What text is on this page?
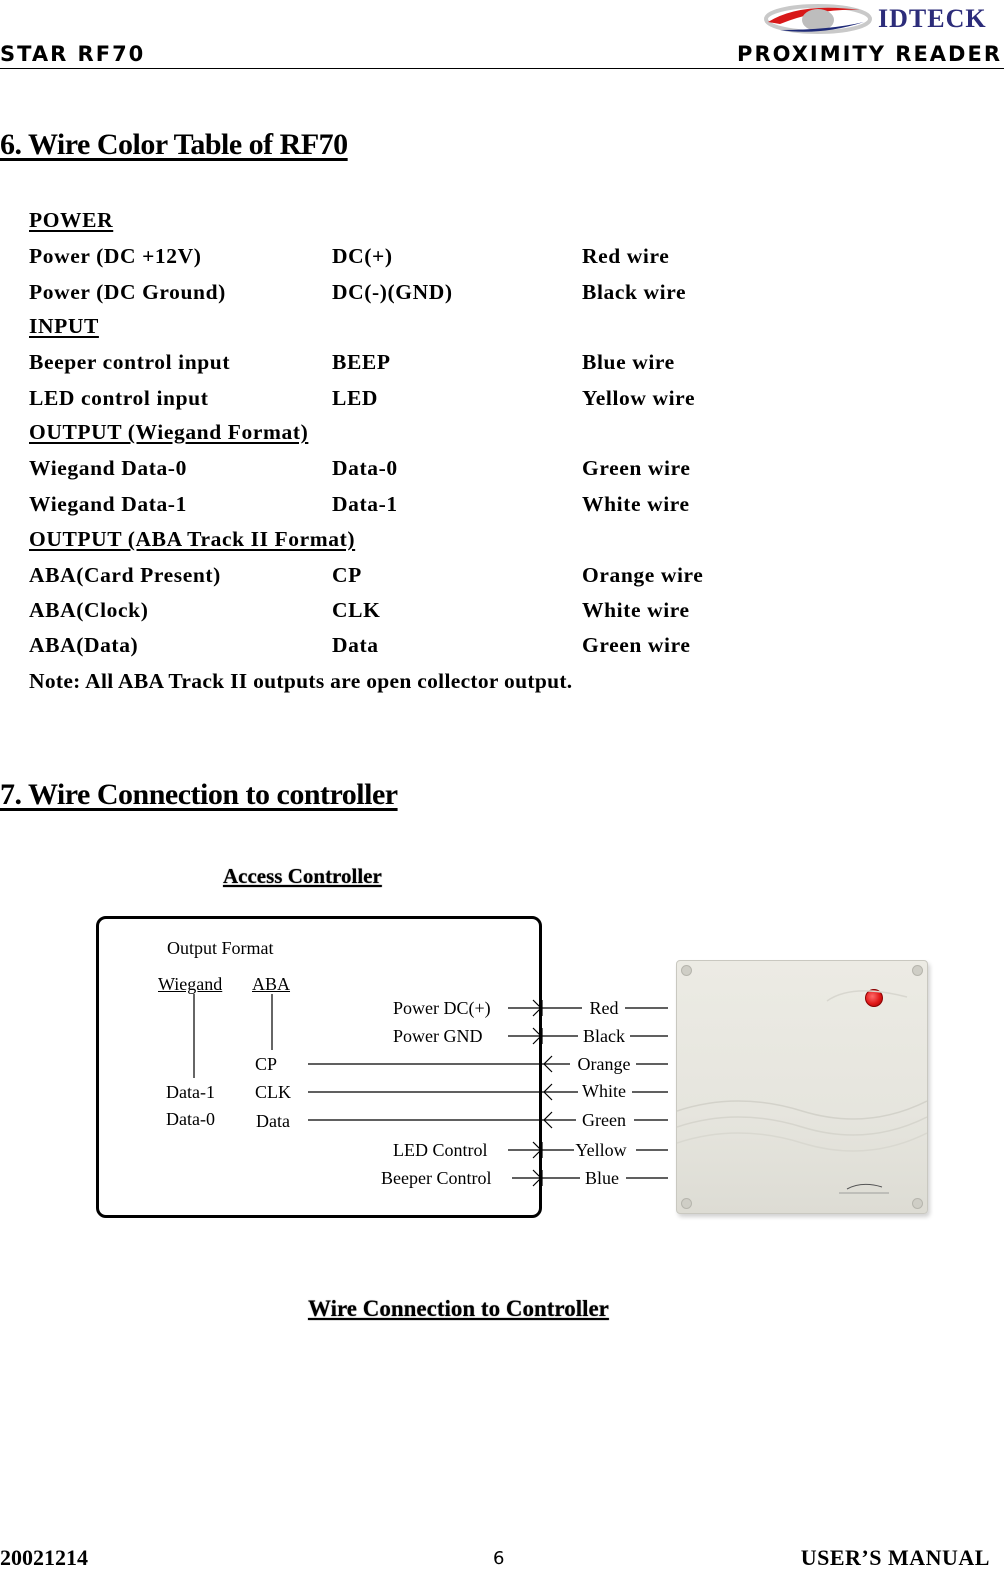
IDTECK
STAR RF70	PROXIMITY READER
6. Wire Color Table of RF70
POWER
Power (DC +12V)	DC(+)	Red wire
Power (DC Ground)	DC(-)(GND)	Black wire
INPUT
Beeper control input	BEEP	Blue wire
LED control input	LED	Yellow wire
OUTPUT (Wiegand Format)
Wiegand Data-0	Data-0	Green wire
Wiegand Data-1	Data-1	White wire
OUTPUT (ABA Track II Format)
ABA(Card Present)	CP	Orange wire
ABA(Clock)	CLK	White wire
ABA(Data)	Data	Green wire
Note: All ABA Track II outputs are open collector output.
7. Wire Connection to controller
Access Controller
Output Format
Wiegand ABA
Data-1
Data-0
CP
CLK
Data
Power DC(+)
Power GND
LED Control
Beeper Control
Red
Black
Orange
White
Green
Yellow
Blue
Wire Connection to Controller
20021214	6	USER’S MANUAL
